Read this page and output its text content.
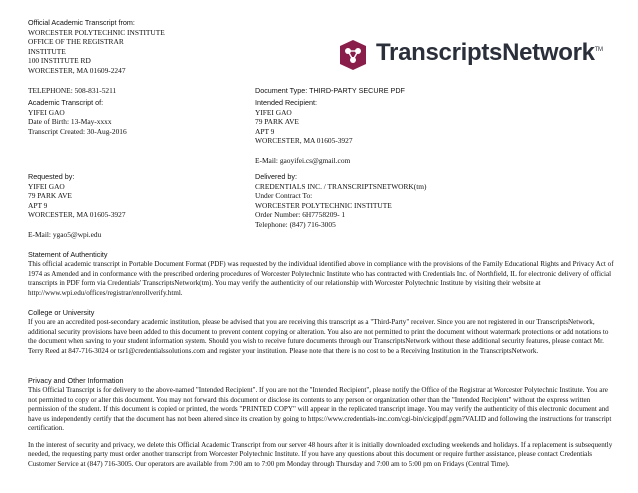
Official Academic Transcript from:
WORCESTER POLYTECHNIC INSTITUTE
OFFICE OF THE REGISTRAR
INSTITUTE
100 INSTITUTE RD
WORCESTER, MA 01609-2247
TranscriptsNetwork™
TELEPHONE: 508-831-5211	Document Type: THIRD-PARTY SECURE PDF
Academic Transcript of:
YIFEI GAO
Date of Birth: 13-May-xxxx
Transcript Created: 30-Aug-2016
Intended Recipient:
YIFEI GAO
79 PARK AVE
APT 9
WORCESTER, MA 01605-3927
E-Mail: gaoyifei.cs@gmail.com
Requested by:
YIFEI GAO
79 PARK AVE
APT 9
WORCESTER, MA 01605-3927
E-Mail: ygao5@wpi.edu
Delivered by:
CREDENTIALS INC. / TRANSCRIPTSNETWORK(tm)
Under Contract To:
WORCESTER POLYTECHNIC INSTITUTE
Order Number: 6H7758209- 1
Telephone: (847) 716-3005
Statement of Authenticity
This official academic transcript in Portable Document Format (PDF) was requested by the individual identified above in compliance with the provisions of the Family Educational Rights and Privacy Act of 1974 as Amended and in conformance with the prescribed ordering procedures of Worcester Polytechnic Institute who has contracted with Credentials Inc. of Northfield, IL for electronic delivery of official transcripts in PDF form via Credentials' TranscriptsNetwork(tm). You may verify the authenticity of our relationship with Worcester Polytechnic Institute by visiting their website at http://www.wpi.edu/offices/registrar/enrollverify.html.
College or University
If you are an accredited post-secondary academic institution, please be advised that you are receiving this transcript as a "Third-Party" receiver. Since you are not registered in our TranscriptsNetwork, additional security provisions have been added to this document to prevent content copying or alteration. You also are not permitted to print the document without watermark protections or add notations to the document when saving to your student information system. Should you wish to receive future documents through our TranscriptsNetwork without these additional security features, please contact Mr. Terry Reed at 847-716-3024 or tsr1@credentialssolutions.com and register your institution. Please note that there is no cost to be a Receiving Institution in the TranscriptsNetwork.
Privacy and Other Information
This Official Transcript is for delivery to the above-named "Intended Recipient". If you are not the "Intended Recipient", please notify the Office of the Registrar at Worcester Polytechnic Institute. You are not permitted to copy or alter this document. You may not forward this document or disclose its contents to any person or organization other than the "Intended Recipient" without the express written permission of the student. If this document is copied or printed, the words "PRINTED COPY" will appear in the replicated transcript image. You may verify the authenticity of this electronic document and have us independently certify that the document has not been altered since its creation by going to https://www.credentials-inc.com/cgi-bin/cicgipdf.pgm?VALID and following the instructions for transcript certification.
In the interest of security and privacy, we delete this Official Academic Transcript from our server 48 hours after it is initially downloaded excluding weekends and holidays. If a replacement is subsequently needed, the requesting party must order another transcript from Worcester Polytechnic Institute. If you have any questions about this document or require further assistance, please contact Credentials Customer Service at (847) 716-3005. Our operators are available from 7:00 am to 7:00 pm Monday through Thursday and 7:00 am to 5:00 pm on Fridays (Central Time).
